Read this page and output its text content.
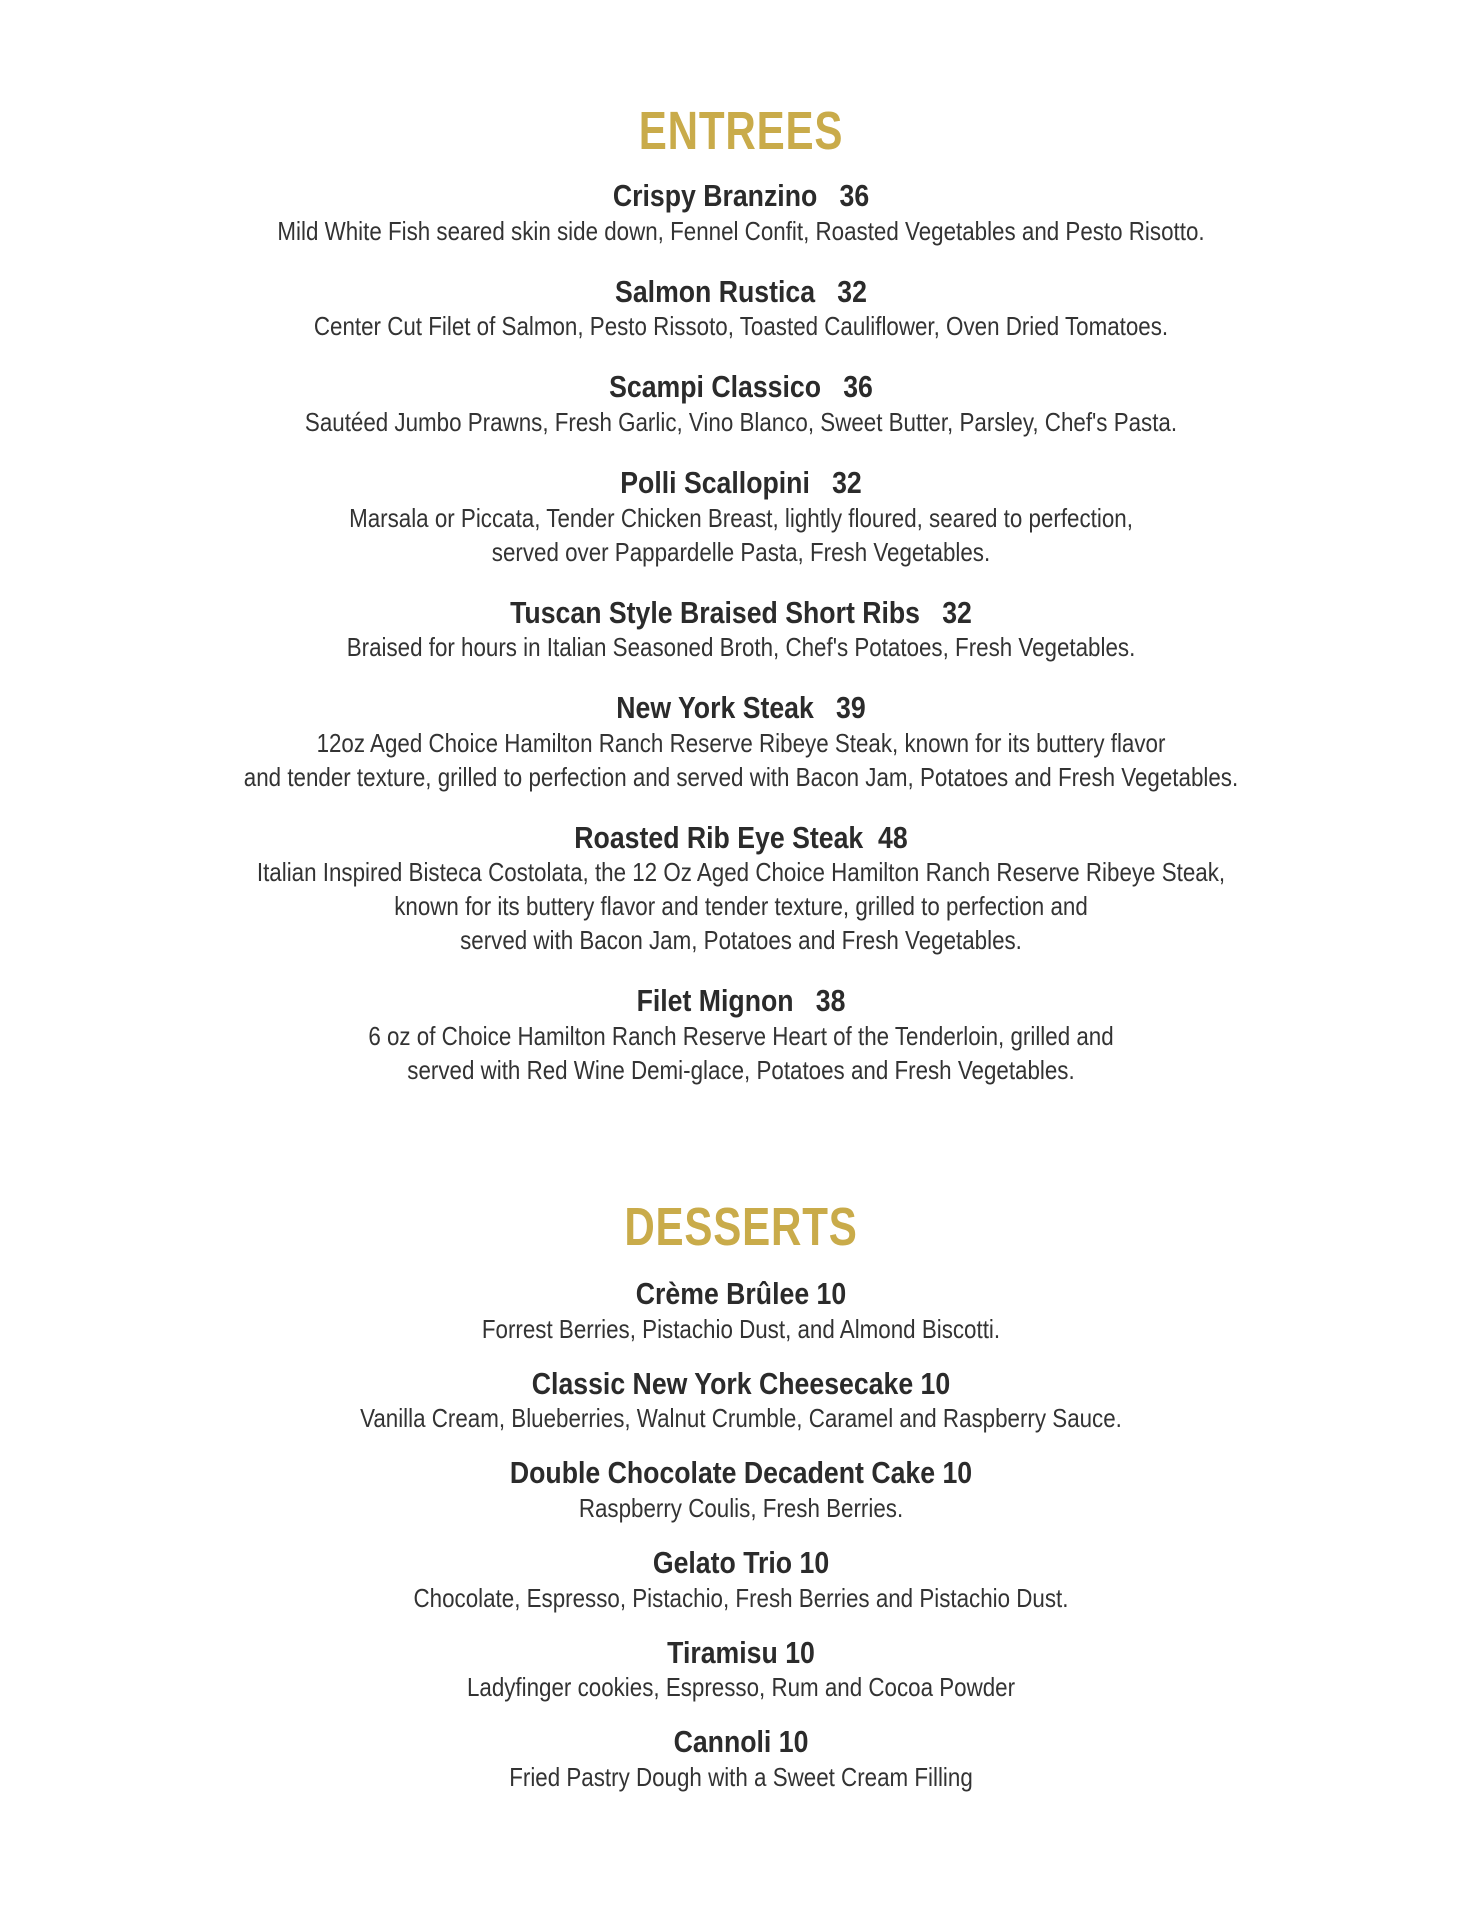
ENTREES
Crispy Branzino   36
Mild White Fish seared skin side down, Fennel Confit, Roasted Vegetables and Pesto Risotto.
Salmon Rustica   32
Center Cut Filet of Salmon, Pesto Rissoto, Toasted Cauliflower, Oven Dried Tomatoes.
Scampi Classico   36
Sautéed Jumbo Prawns, Fresh Garlic, Vino Blanco, Sweet Butter, Parsley, Chef's Pasta.
Polli Scallopini   32
Marsala or Piccata, Tender Chicken Breast, lightly floured, seared to perfection,
served over Pappardelle Pasta, Fresh Vegetables.
Tuscan Style Braised Short Ribs   32
Braised for hours in Italian Seasoned Broth, Chef's Potatoes, Fresh Vegetables.
New York Steak   39
12oz Aged Choice Hamilton Ranch Reserve Ribeye Steak, known for its buttery flavor
and tender texture, grilled to perfection and served with Bacon Jam, Potatoes and Fresh Vegetables.
Roasted Rib Eye Steak  48
Italian Inspired Bisteca Costolata, the 12 Oz Aged Choice Hamilton Ranch Reserve Ribeye Steak,
known for its buttery flavor and tender texture, grilled to perfection and
served with Bacon Jam, Potatoes and Fresh Vegetables.
Filet Mignon   38
6 oz of Choice Hamilton Ranch Reserve Heart of the Tenderloin, grilled and
served with Red Wine Demi-glace, Potatoes and Fresh Vegetables.
DESSERTS
Crème Brûlee 10
Forrest Berries, Pistachio Dust, and Almond Biscotti.
Classic New York Cheesecake 10
Vanilla Cream, Blueberries, Walnut Crumble, Caramel and Raspberry Sauce.
Double Chocolate Decadent Cake 10
Raspberry Coulis, Fresh Berries.
Gelato Trio 10
Chocolate, Espresso, Pistachio, Fresh Berries and Pistachio Dust.
Tiramisu 10
Ladyfinger cookies, Espresso, Rum and Cocoa Powder
Cannoli 10
Fried Pastry Dough with a Sweet Cream Filling
